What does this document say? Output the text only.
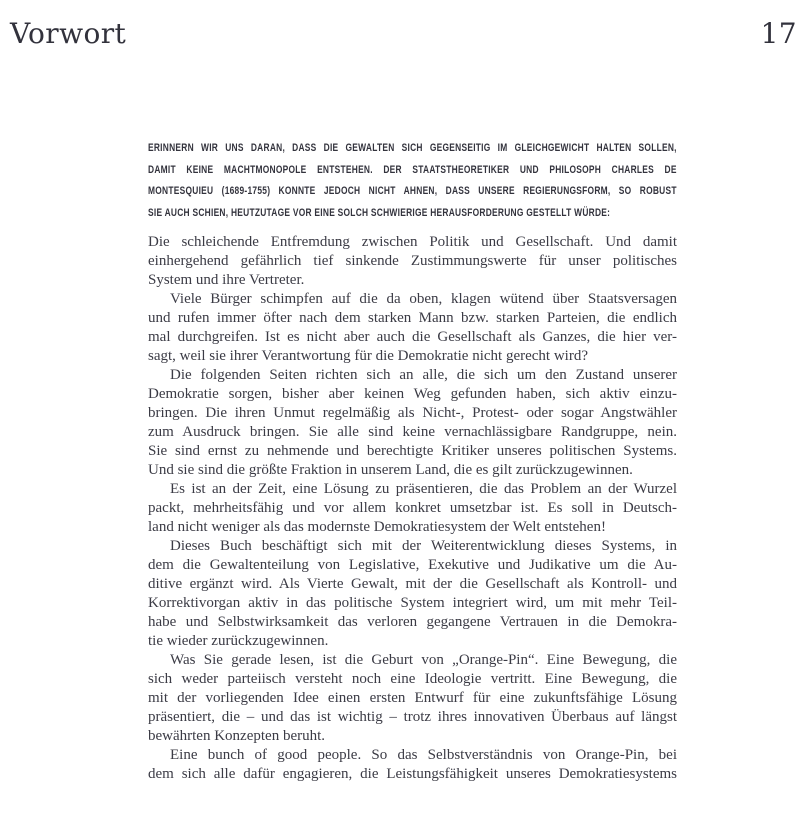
Vorwort	17
ERINNERN WIR UNS DARAN, DASS DIE GEWALTEN SICH GEGENSEITIG IM GLEICHGEWICHT HALTEN SOLLEN,
DAMIT KEINE MACHTMONOPOLE ENTSTEHEN. DER STAATSTHEORETIKER UND PHILOSOPH CHARLES DE
MONTESQUIEU (1689-1755) KONNTE JEDOCH NICHT AHNEN, DASS UNSERE REGIERUNGSFORM, SO ROBUST
SIE AUCH SCHIEN, HEUTZUTAGE VOR EINE SOLCH SCHWIERIGE HERAUSFORDERUNG GESTELLT WÜRDE:
Die schleichende Entfremdung zwischen Politik und Gesellschaft. Und damit
einhergehend gefährlich tief sinkende Zustimmungswerte für unser politisches
System und ihre Vertreter.
Viele Bürger schimpfen auf die da oben, klagen wütend über Staatsversagen
und rufen immer öfter nach dem starken Mann bzw. starken Parteien, die endlich
mal durchgreifen. Ist es nicht aber auch die Gesellschaft als Ganzes, die hier ver-
sagt, weil sie ihrer Verantwortung für die Demokratie nicht gerecht wird?
Die folgenden Seiten richten sich an alle, die sich um den Zustand unserer
Demokratie sorgen, bisher aber keinen Weg gefunden haben, sich aktiv einzu-
bringen. Die ihren Unmut regelmäßig als Nicht-, Protest- oder sogar Angstwähler
zum Ausdruck bringen. Sie alle sind keine vernachlässigbare Randgruppe, nein.
Sie sind ernst zu nehmende und berechtigte Kritiker unseres politischen Systems.
Und sie sind die größte Fraktion in unserem Land, die es gilt zurückzugewinnen.
Es ist an der Zeit, eine Lösung zu präsentieren, die das Problem an der Wurzel
packt, mehrheitsfähig und vor allem konkret umsetzbar ist. Es soll in Deutsch-
land nicht weniger als das modernste Demokratiesystem der Welt entstehen!
Dieses Buch beschäftigt sich mit der Weiterentwicklung dieses Systems, in
dem die Gewaltenteilung von Legislative, Exekutive und Judikative um die Au-
ditive ergänzt wird. Als Vierte Gewalt, mit der die Gesellschaft als Kontroll- und
Korrektivorgan aktiv in das politische System integriert wird, um mit mehr Teil-
habe und Selbstwirksamkeit das verloren gegangene Vertrauen in die Demokra-
tie wieder zurückzugewinnen.
Was Sie gerade lesen, ist die Geburt von „Orange-Pin“. Eine Bewegung, die
sich weder parteiisch versteht noch eine Ideologie vertritt. Eine Bewegung, die
mit der vorliegenden Idee einen ersten Entwurf für eine zukunftsfähige Lösung
präsentiert, die – und das ist wichtig – trotz ihres innovativen Überbaus auf längst
bewährten Konzepten beruht.
Eine bunch of good people. So das Selbstverständnis von Orange-Pin, bei
dem sich alle dafür engagieren, die Leistungsfähigkeit unseres Demokratiesystems
